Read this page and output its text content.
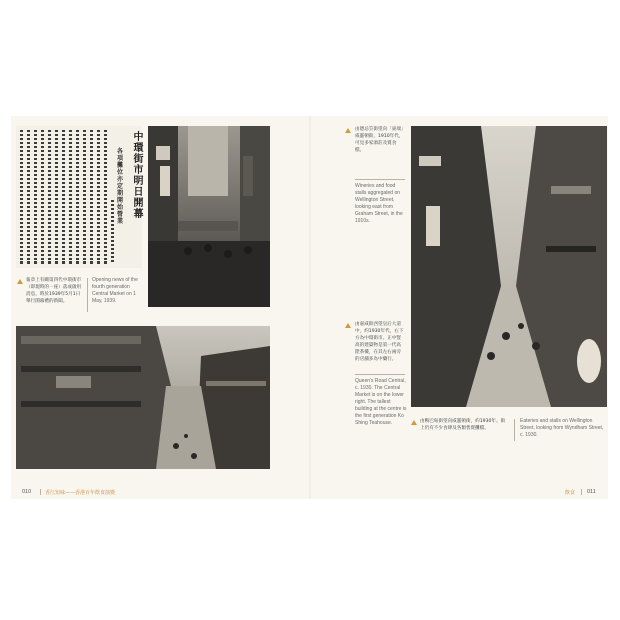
各項攤位亦定期開始營業
中環街市明日開幕
報章上有關第四代中環街市（即現時的一座）落成啟用消息，時於1939年5月1日舉行開幕禮的新聞。
Opening news of the fourth generation Central Market on 1 May, 1939.
由德忌笠街望向「東端」威靈頓街，1910年代，可見多家酒莊及賣食檔。
Wineries and food stalls aggregated on Wellington Street, looking east from Graham Street, in the 1910s.
由嘉咸街西望皇后大道中，約1930年代，右下方為中環街市。正中豎高的建築物是第一代高陞茶樓，在其左右兩旁的店舖多為中藥行。
Queen's Road Central, c. 1930. The Central Market is on the lower right. The tallest building at the centre is the first generation Ko Shing Teahouse.	由鴨巴甸街望向威靈頓街，約1930年。街上仍有不少食肆及各類售賣攤檔。
Eateries and stalls on Wellington Street, looking from Wyndham Street, c. 1930.
010	香江知味——香港百年飲食演變	飲食 011
